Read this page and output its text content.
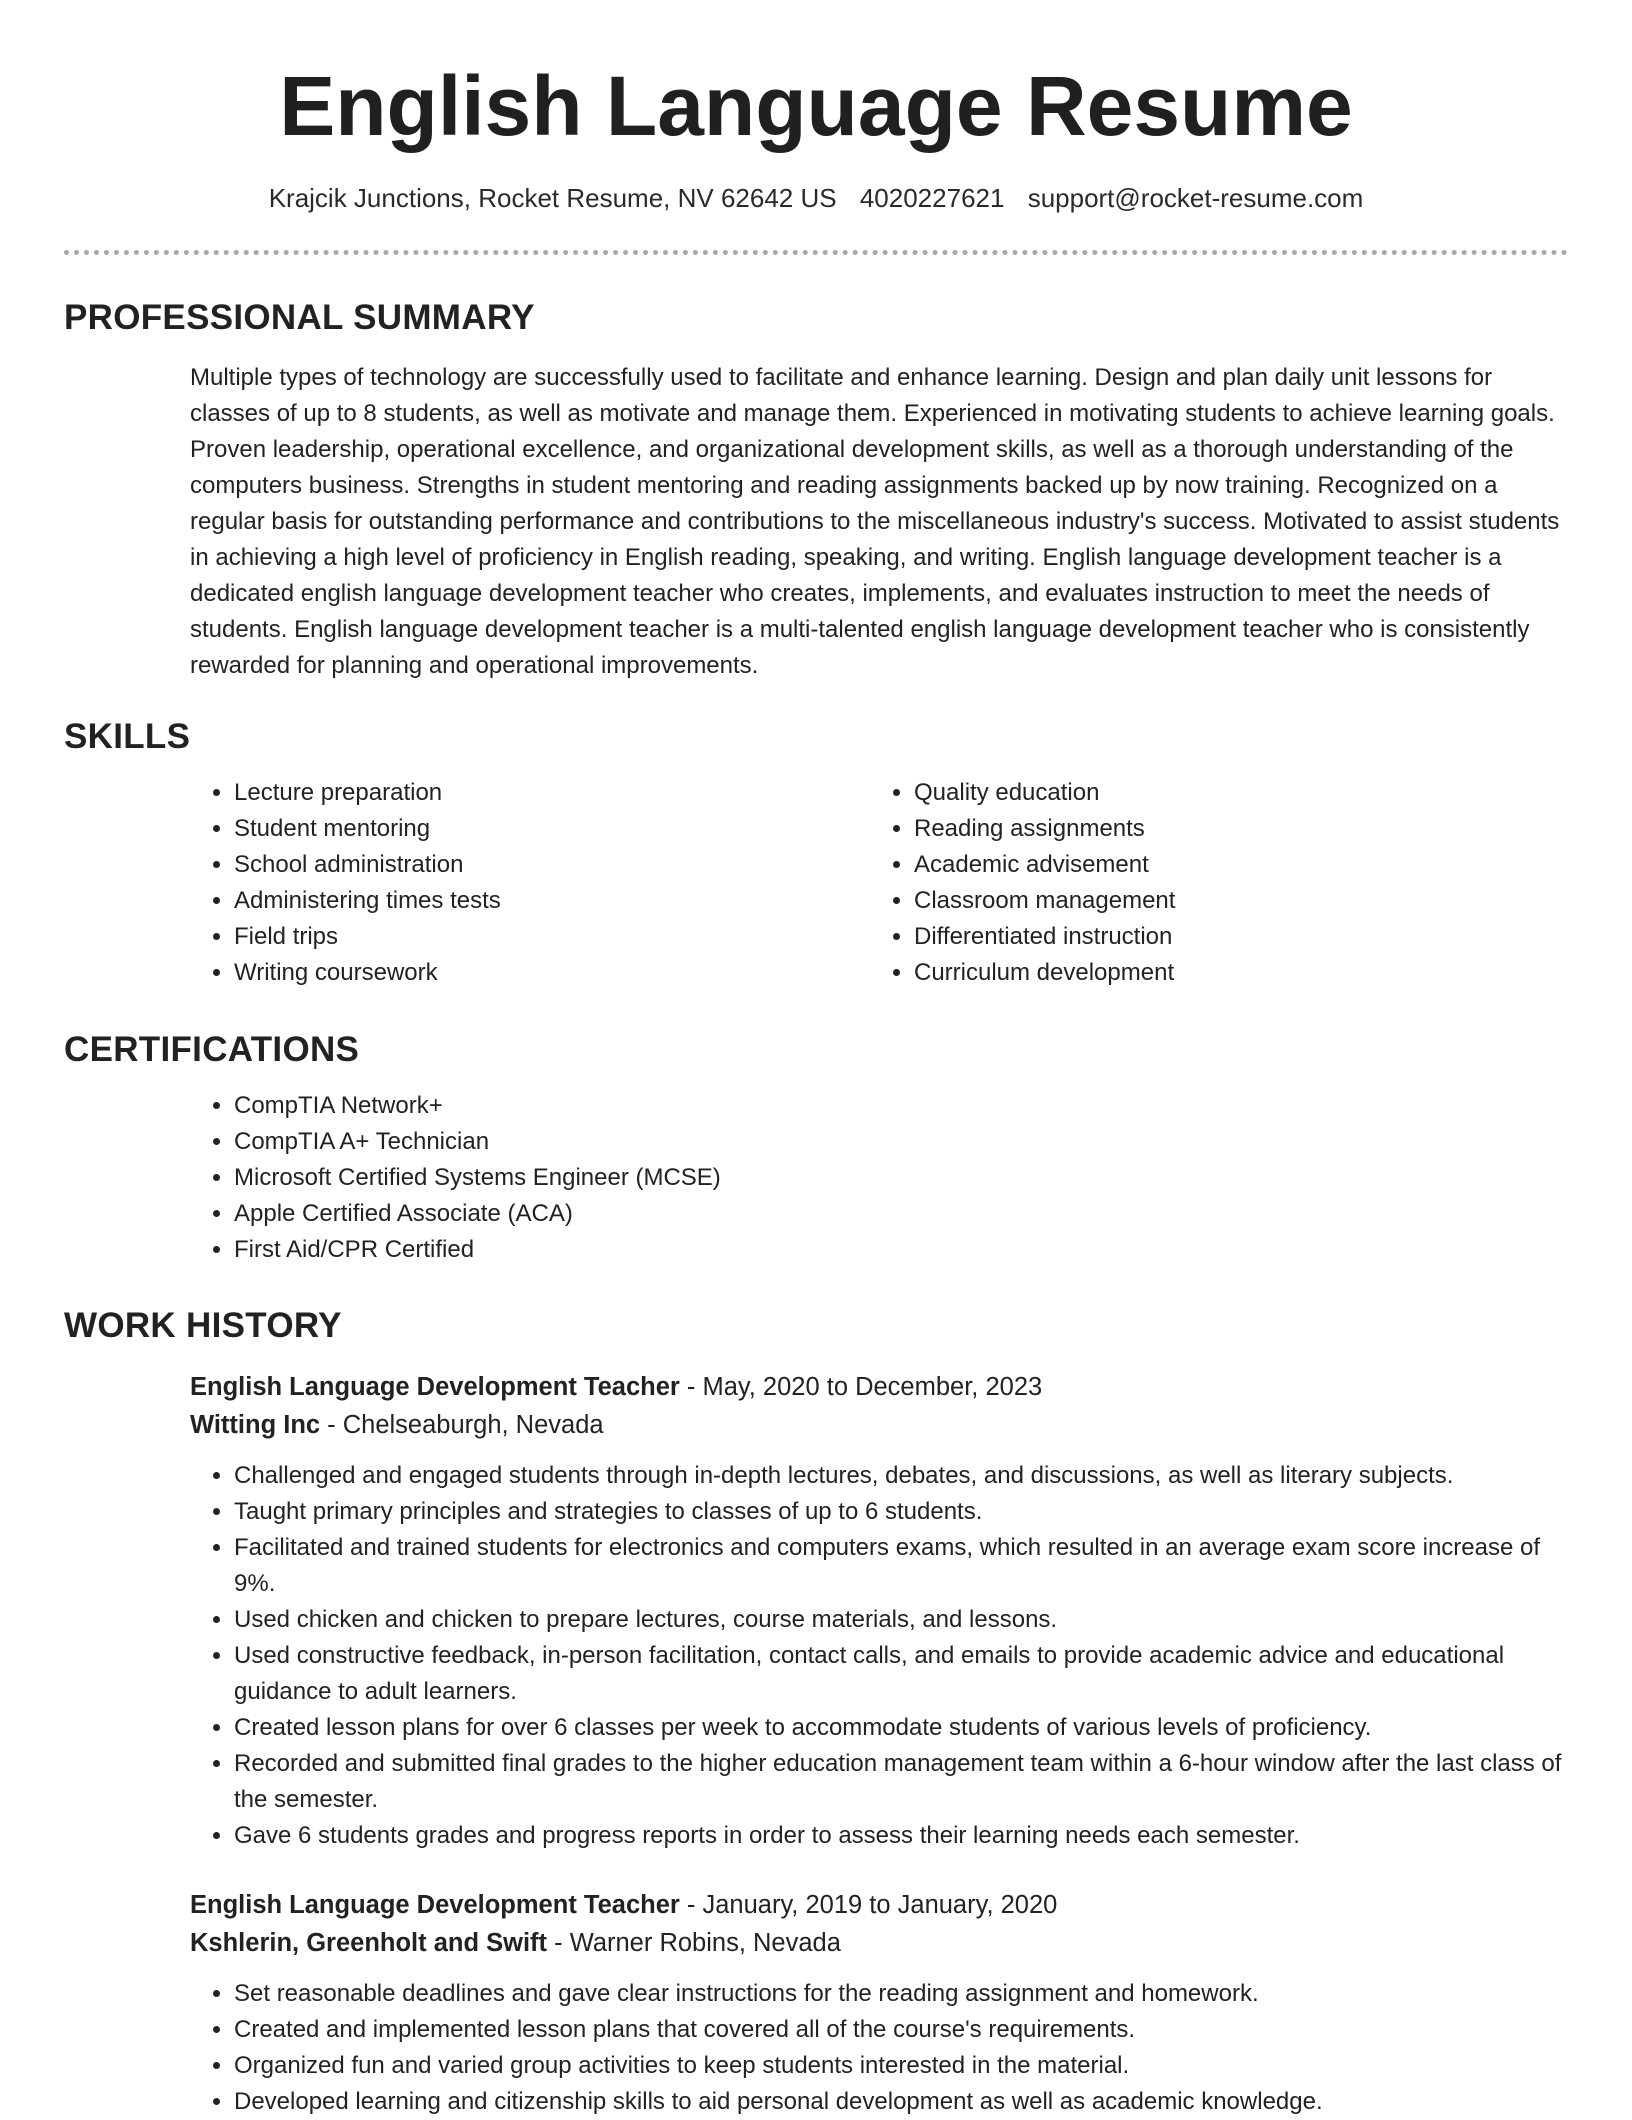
English Language Resume
Krajcik Junctions, Rocket Resume, NV 62642 US 4020227621 support@rocket-resume.com
PROFESSIONAL SUMMARY
Multiple types of technology are successfully used to facilitate and enhance learning. Design and plan daily unit lessons for classes of up to 8 students, as well as motivate and manage them. Experienced in motivating students to achieve learning goals. Proven leadership, operational excellence, and organizational development skills, as well as a thorough understanding of the computers business. Strengths in student mentoring and reading assignments backed up by now training. Recognized on a regular basis for outstanding performance and contributions to the miscellaneous industry's success. Motivated to assist students in achieving a high level of proficiency in English reading, speaking, and writing. English language development teacher is a dedicated english language development teacher who creates, implements, and evaluates instruction to meet the needs of students. English language development teacher is a multi-talented english language development teacher who is consistently rewarded for planning and operational improvements.
SKILLS
• Lecture preparation
• Student mentoring
• School administration
• Administering times tests
• Field trips
• Writing coursework
• Quality education
• Reading assignments
• Academic advisement
• Classroom management
• Differentiated instruction
• Curriculum development
CERTIFICATIONS
• CompTIA Network+
• CompTIA A+ Technician
• Microsoft Certified Systems Engineer (MCSE)
• Apple Certified Associate (ACA)
• First Aid/CPR Certified
WORK HISTORY
English Language Development Teacher - May, 2020 to December, 2023
Witting Inc - Chelseaburgh, Nevada
• Challenged and engaged students through in-depth lectures, debates, and discussions, as well as literary subjects.
• Taught primary principles and strategies to classes of up to 6 students.
• Facilitated and trained students for electronics and computers exams, which resulted in an average exam score increase of 9%.
• Used chicken and chicken to prepare lectures, course materials, and lessons.
• Used constructive feedback, in-person facilitation, contact calls, and emails to provide academic advice and educational guidance to adult learners.
• Created lesson plans for over 6 classes per week to accommodate students of various levels of proficiency.
• Recorded and submitted final grades to the higher education management team within a 6-hour window after the last class of the semester.
• Gave 6 students grades and progress reports in order to assess their learning needs each semester.
English Language Development Teacher - January, 2019 to January, 2020
Kshlerin, Greenholt and Swift - Warner Robins, Nevada
• Set reasonable deadlines and gave clear instructions for the reading assignment and homework.
• Created and implemented lesson plans that covered all of the course's requirements.
• Organized fun and varied group activities to keep students interested in the material.
• Developed learning and citizenship skills to aid personal development as well as academic knowledge.
